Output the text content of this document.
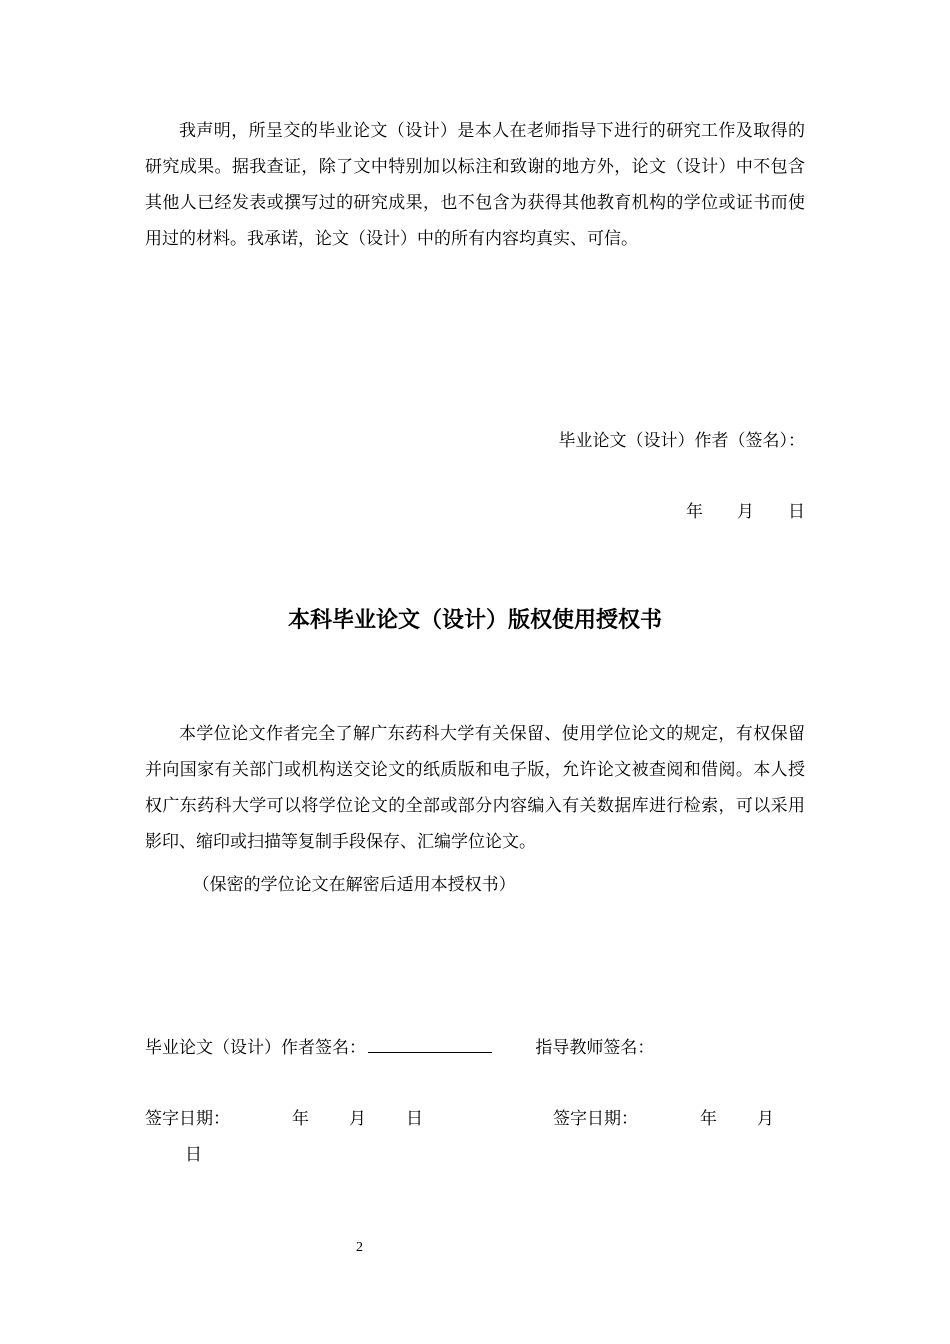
我声明，所呈交的毕业论文（设计）是本人在老师指导下进行的研究工作及取得的研究成果。据我查证，除了文中特别加以标注和致谢的地方外，论文（设计）中不包含其他人已经发表或撰写过的研究成果，也不包含为获得其他教育机构的学位或证书而使用过的材料。我承诺，论文（设计）中的所有内容均真实、可信。

毕业论文（设计）作者（签名）：
年 月 日
本科毕业论文（设计）版权使用授权书

本学位论文作者完全了解广东药科大学有关保留、使用学位论文的规定，有权保留并向国家有关部门或机构送交论文的纸质版和电子版，允许论文被查阅和借阅。本人授权广东药科大学可以将学位论文的全部或部分内容编入有关数据库进行检索，可以采用影印、缩印或扫描等复制手段保存、汇编学位论文。

（保密的学位论文在解密后适用本授权书）

毕业论文（设计）作者签名：	指导教师签名：
签字日期：	年 月 日	签字日期：	年 月日
2
